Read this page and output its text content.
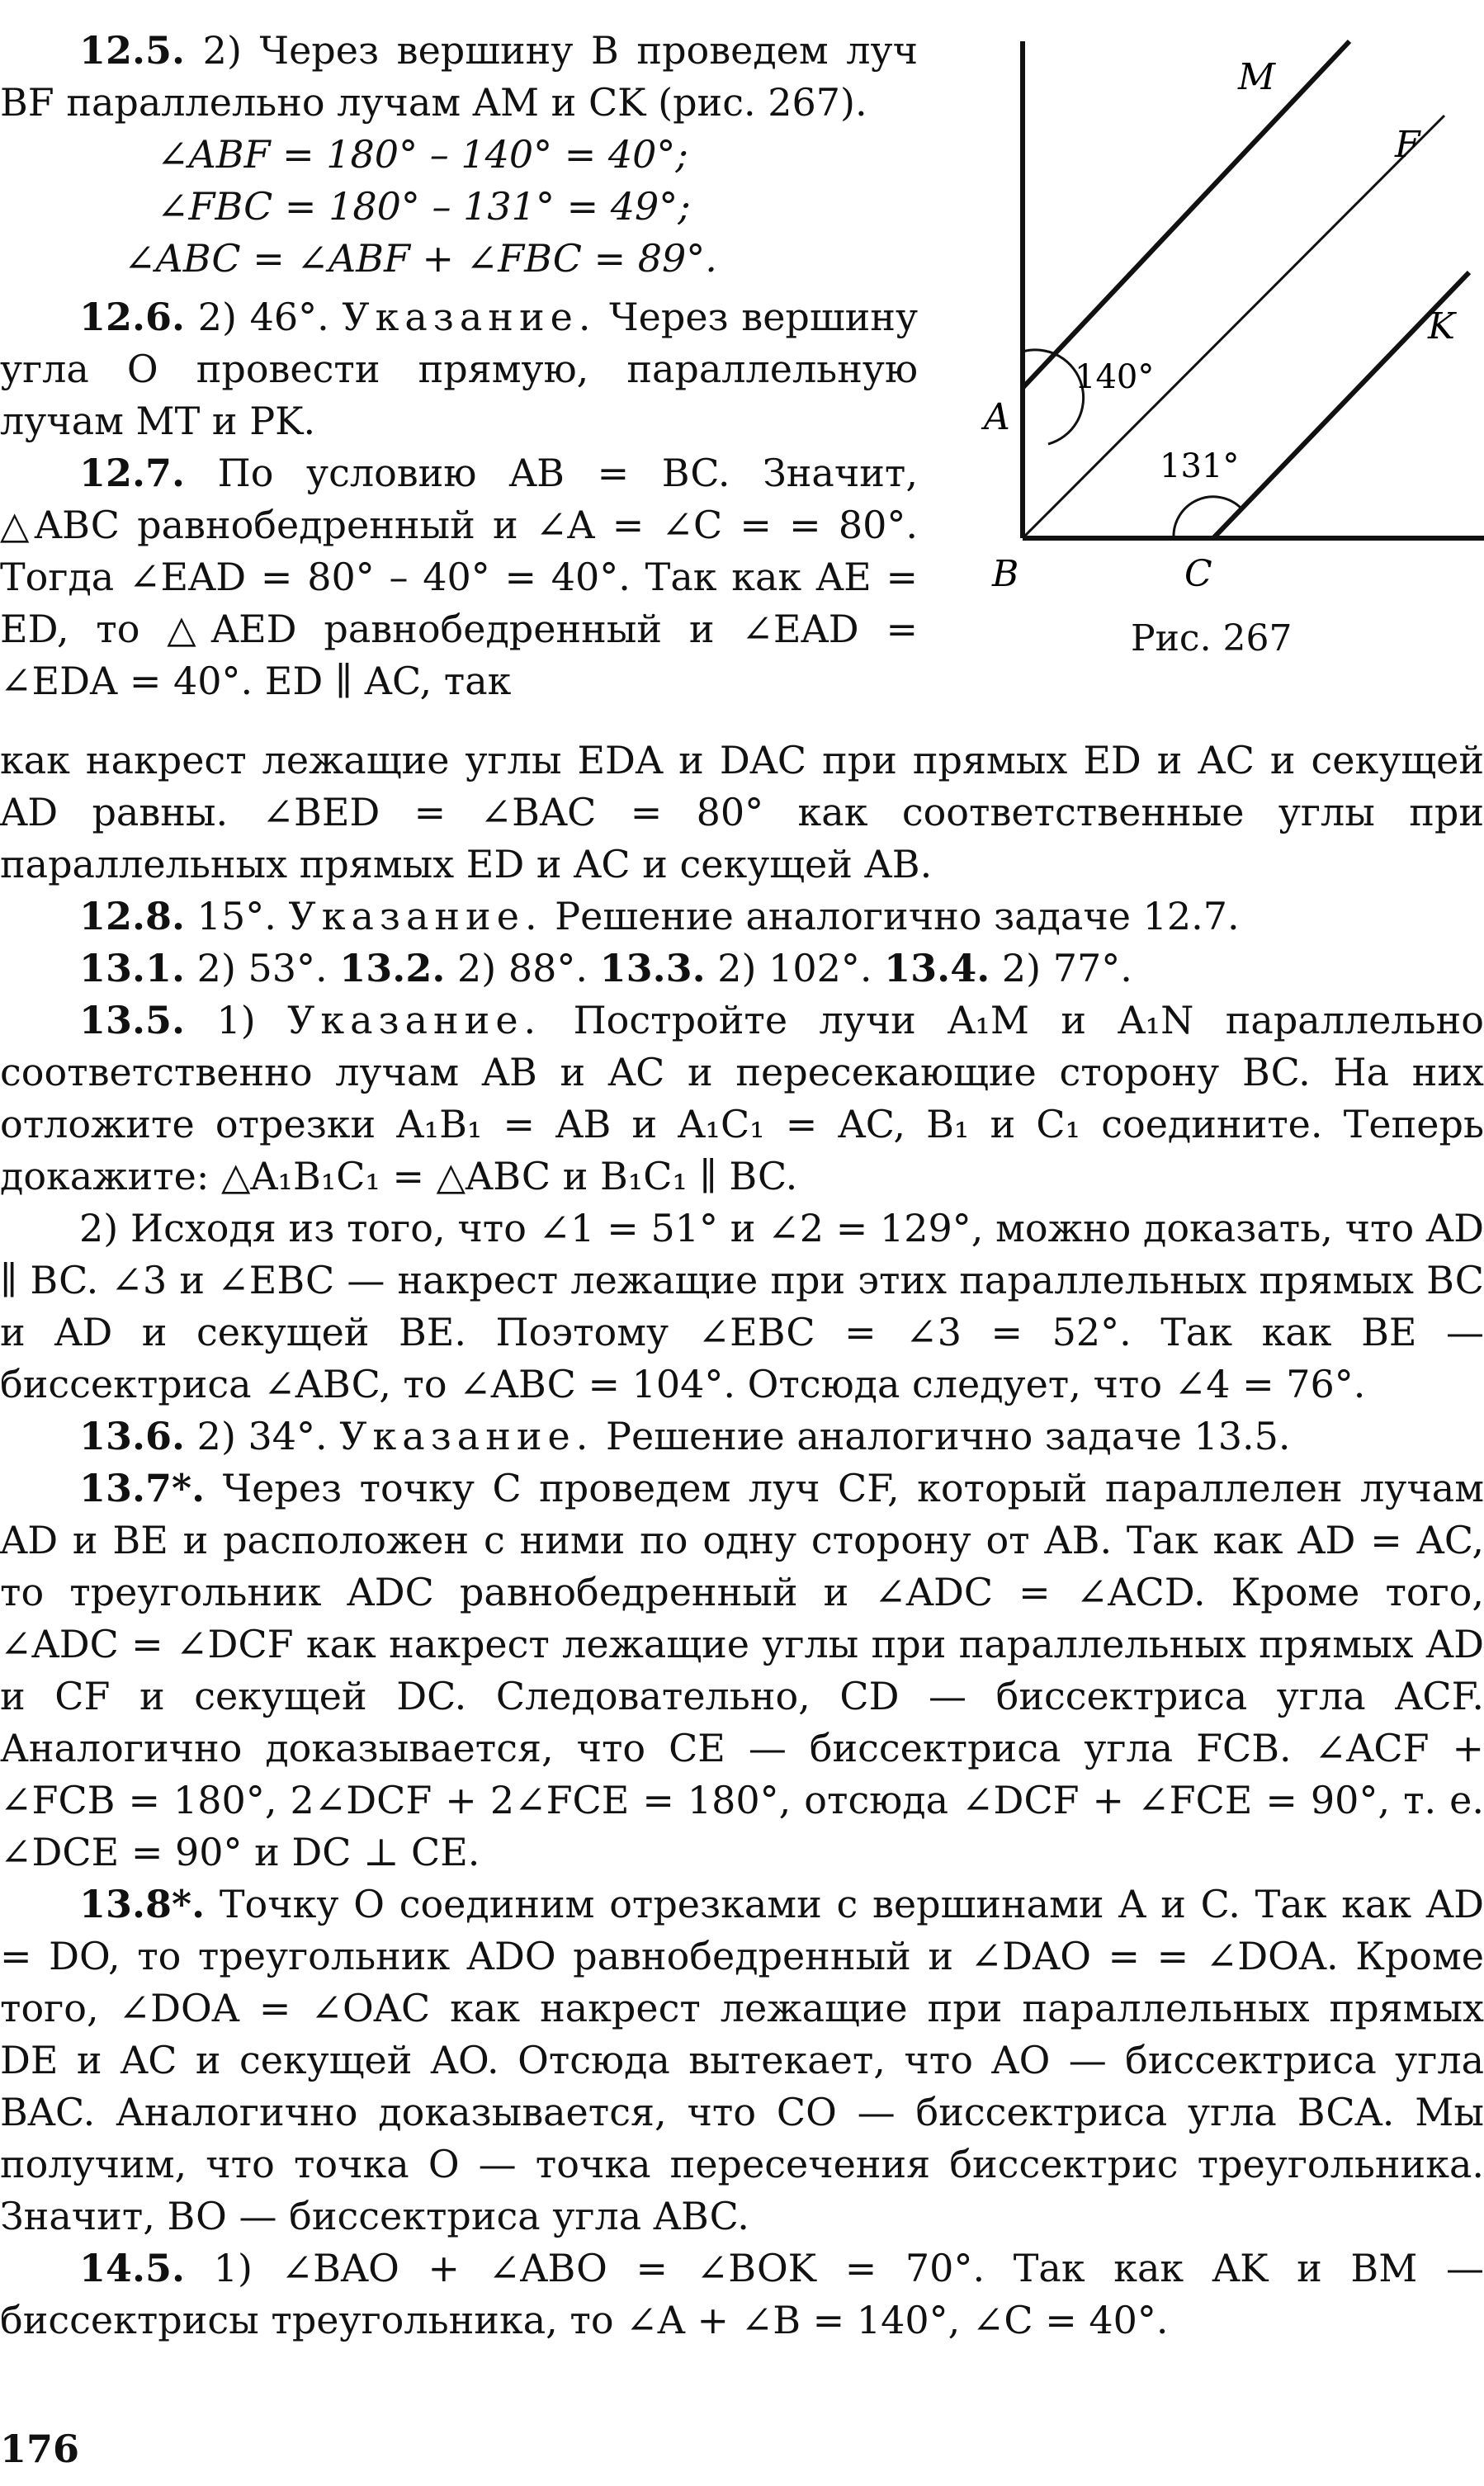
M
F
K
A
B	C
140°
131°
Рис. 267

12.5. 2) Через вершину B проведем луч BF параллельно лучам AM и CK (рис. 267).

∠ABF = 180° – 140° = 40°;
∠FBC = 180° – 131° = 49°;
∠ABC = ∠ABF + ∠FBC = 89°.

12.6. 2) 46°. Указание. Через вершину угла O провести прямую, параллельную лучам MT и PK.

12.7. По условию AB = BC. Значит, △ABC равнобедренный и ∠A = ∠C = = 80°. Тогда ∠EAD = 80° – 40° = 40°. Так как AE = ED, то △AED равнобедренный и ∠EAD = ∠EDA = 40°. ED ∥ AC, так

как накрест лежащие углы EDA и DAC при прямых ED и AC и секущей AD равны. ∠BED = ∠BAC = 80° как соответственные углы при параллельных прямых ED и AC и секущей AB.

12.8. 15°. Указание. Решение аналогично задаче 12.7.

13.1. 2) 53°. 13.2. 2) 88°. 13.3. 2) 102°. 13.4. 2) 77°.

13.5. 1) Указание. Постройте лучи A₁M и A₁N параллельно соответственно лучам AB и AC и пересекающие сторону BC. На них отложите отрезки A₁B₁ = AB и A₁C₁ = AC, B₁ и C₁ соедините. Теперь докажите: △A₁B₁C₁ = △ABC и B₁C₁ ∥ BC.

2) Исходя из того, что ∠1 = 51° и ∠2 = 129°, можно доказать, что AD ∥ BC. ∠3 и ∠EBC — накрест лежащие при этих параллельных прямых BC и AD и секущей BE. Поэтому ∠EBC = ∠3 = 52°. Так как BE — биссектриса ∠ABC, то ∠ABC = 104°. Отсюда следует, что ∠4 = 76°.

13.6. 2) 34°. Указание. Решение аналогично задаче 13.5.

13.7*. Через точку C проведем луч CF, который параллелен лучам AD и BE и расположен с ними по одну сторону от AB. Так как AD = AC, то треугольник ADC равнобедренный и ∠ADC = ∠ACD. Кроме того, ∠ADC = ∠DCF как накрест лежащие углы при параллельных прямых AD и CF и секущей DC. Следовательно, CD — биссектриса угла ACF. Аналогично доказывается, что CE — биссектриса угла FCB. ∠ACF + ∠FCB = 180°, 2∠DCF + 2∠FCE = 180°, отсюда ∠DCF + ∠FCE = 90°, т. е. ∠DCE = 90° и DC ⊥ CE.

13.8*. Точку O соединим отрезками с вершинами A и C. Так как AD = DO, то треугольник ADO равнобедренный и ∠DAO = = ∠DOA. Кроме того, ∠DOA = ∠OAC как накрест лежащие при параллельных прямых DE и AC и секущей AO. Отсюда вытекает, что AO — биссектриса угла BAC. Аналогично доказывается, что CO — биссектриса угла BCA. Мы получим, что точка O — точка пересечения биссектрис треугольника. Значит, BO — биссектриса угла ABC.

14.5. 1) ∠BAO + ∠ABO = ∠BOK = 70°. Так как AK и BM — биссектрисы треугольника, то ∠A + ∠B = 140°, ∠C = 40°.

176
